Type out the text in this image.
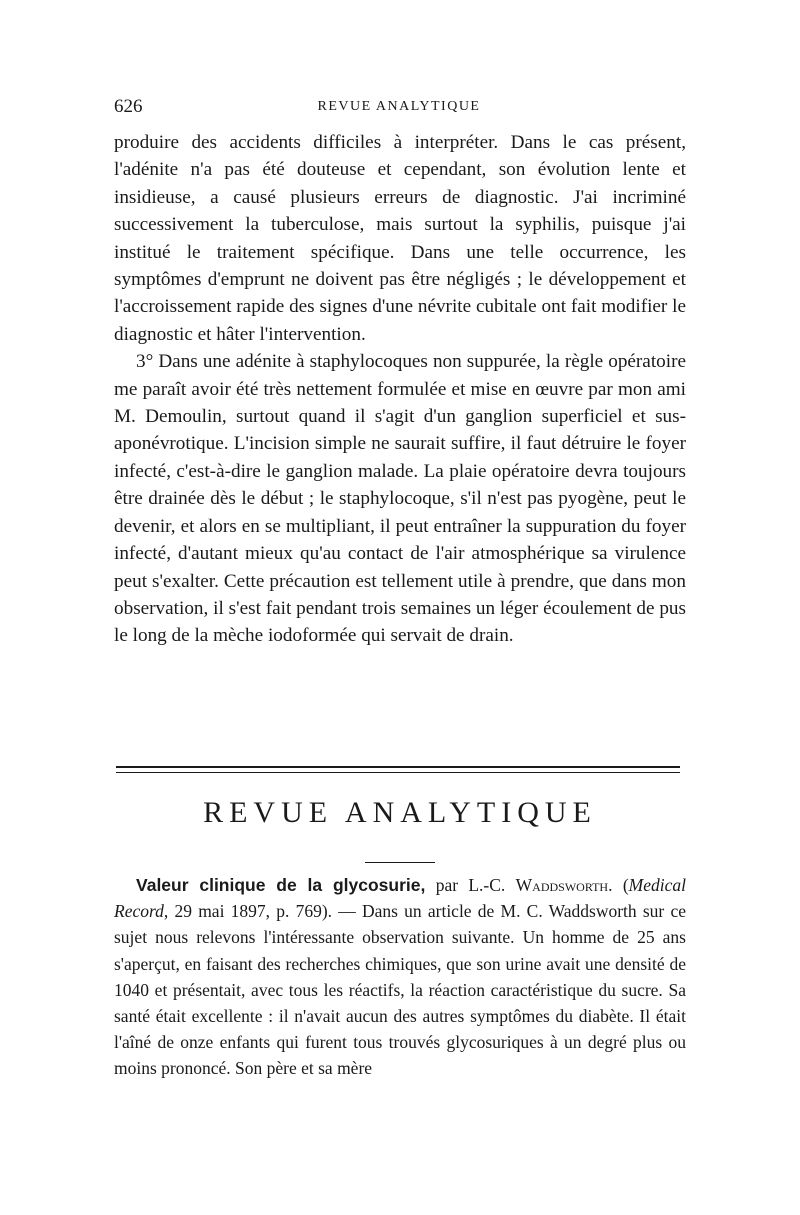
626	REVUE ANALYTIQUE

produire des accidents difficiles à interpréter. Dans le cas présent, l'adénite n'a pas été douteuse et cependant, son évolution lente et insidieuse, a causé plusieurs erreurs de diagnostic. J'ai incriminé successivement la tuberculose, mais surtout la syphilis, puisque j'ai institué le traitement spécifique. Dans une telle occurrence, les symptômes d'emprunt ne doivent pas être négligés ; le développement et l'accroissement rapide des signes d'une névrite cubitale ont fait modifier le diagnostic et hâter l'intervention.

3° Dans une adénite à staphylocoques non suppurée, la règle opératoire me paraît avoir été très nettement formulée et mise en œuvre par mon ami M. Demoulin, surtout quand il s'agit d'un ganglion superficiel et sus-aponévrotique. L'incision simple ne saurait suffire, il faut détruire le foyer infecté, c'est-à-dire le ganglion malade. La plaie opératoire devra toujours être drainée dès le début ; le staphylocoque, s'il n'est pas pyogène, peut le devenir, et alors en se multipliant, il peut entraîner la suppuration du foyer infecté, d'autant mieux qu'au contact de l'air atmosphérique sa virulence peut s'exalter. Cette précaution est tellement utile à prendre, que dans mon observation, il s'est fait pendant trois semaines un léger écoulement de pus le long de la mèche iodoformée qui servait de drain.

REVUE ANALYTIQUE

Valeur clinique de la glycosurie, par L.-C. Waddsworth. (Medical Record, 29 mai 1897, p. 769). — Dans un article de M. C. Waddsworth sur ce sujet nous relevons l'intéressante observation suivante. Un homme de 25 ans s'aperçut, en faisant des recherches chimiques, que son urine avait une densité de 1040 et présentait, avec tous les réactifs, la réaction caractéristique du sucre. Sa santé était excellente : il n'avait aucun des autres symptômes du diabète. Il était l'aîné de onze enfants qui furent tous trouvés glycosuriques à un degré plus ou moins prononcé. Son père et sa mère
